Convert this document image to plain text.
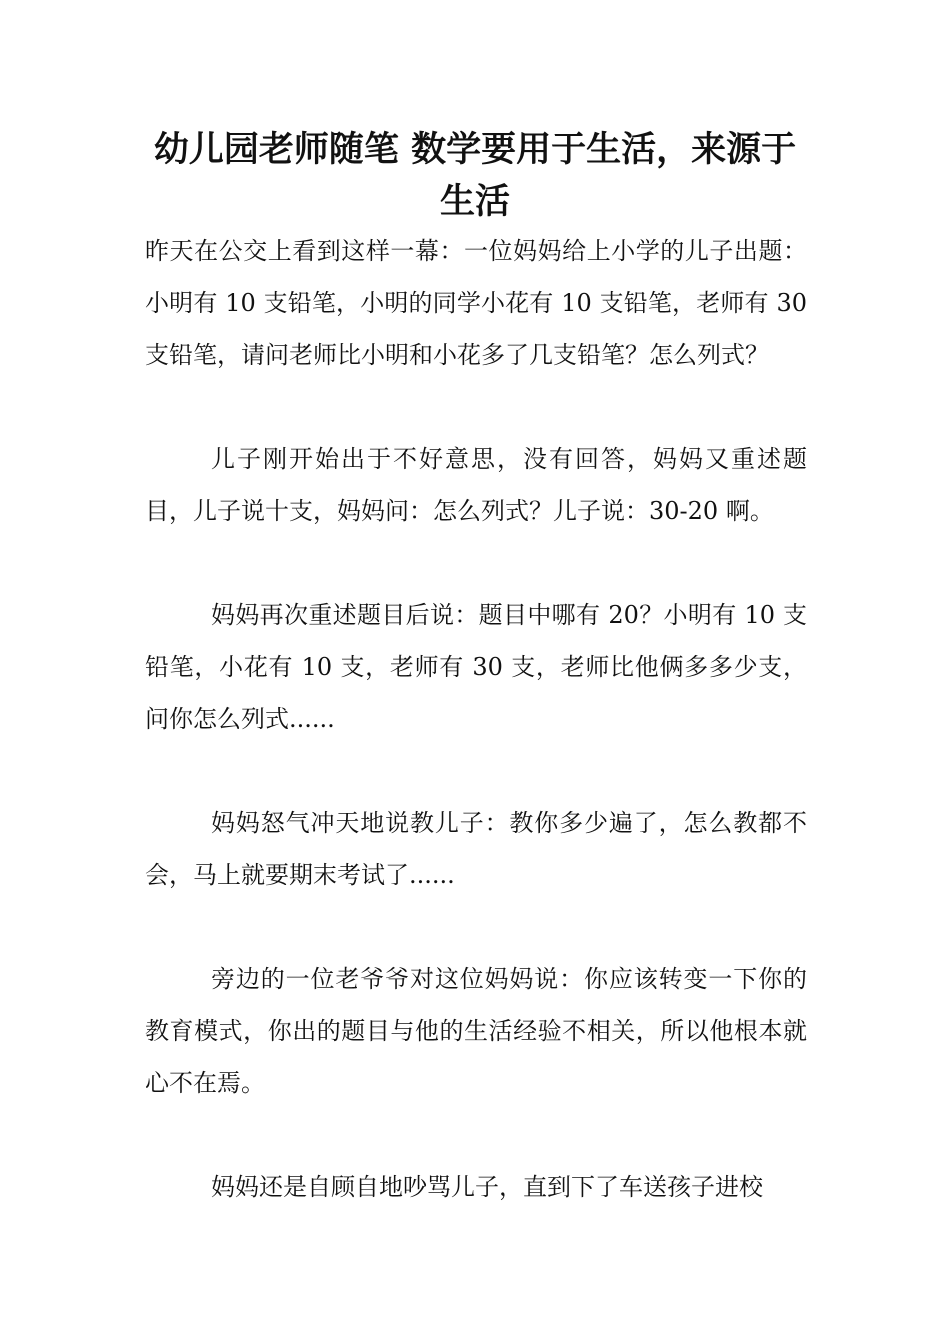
幼儿园老师随笔 数学要用于生活，来源于生活

昨天在公交上看到这样一幕：一位妈妈给上小学的儿子出题：小明有 10 支铅笔，小明的同学小花有 10 支铅笔，老师有 30 支铅笔，请问老师比小明和小花多了几支铅笔？怎么列式？

儿子刚开始出于不好意思，没有回答，妈妈又重述题目，儿子说十支，妈妈问：怎么列式？儿子说：30-20 啊。

妈妈再次重述题目后说：题目中哪有 20？小明有 10 支铅笔，小花有 10 支，老师有 30 支，老师比他俩多多少支，问你怎么列式......

妈妈怒气冲天地说教儿子：教你多少遍了，怎么教都不会，马上就要期末考试了......

旁边的一位老爷爷对这位妈妈说：你应该转变一下你的教育模式，你出的题目与他的生活经验不相关，所以他根本就心不在焉。

妈妈还是自顾自地吵骂儿子，直到下了车送孩子进校
